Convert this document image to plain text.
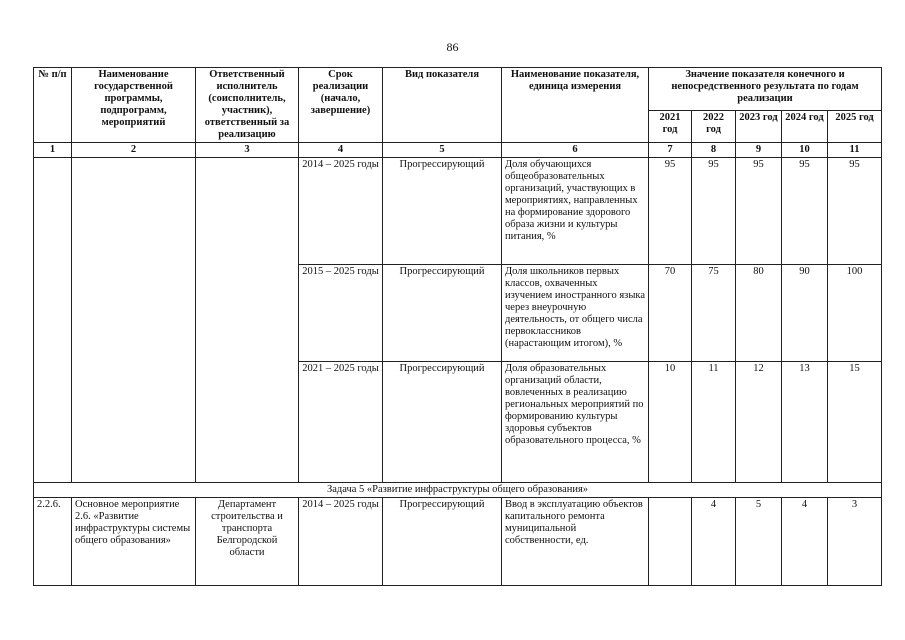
86
№ п/п	Наименование государственной программы, подпрограмм, мероприятий	Ответственный исполнитель (соисполнитель, участник), ответственный за реализацию	Срок реализации (начало, завершение)	Вид показателя	Наименование показателя, единица измерения	Значение показателя конечного и непосредственного результата по годам реализации				
						2021 год	2022 год	2023 год	2024 год	2025 год
1	2	3	4	5	6	7	8	9	10	11
			2014 – 2025 годы	Прогрессирующий	Доля обучающихся общеобразовательных организаций, участвующих в мероприятиях, направленных на формирование здорового образа жизни и культуры питания, %	95	95	95	95	95
			2015 – 2025 годы	Прогрессирующий	Доля школьников первых классов, охваченных изучением иностранного языка через внеурочную деятельность, от общего числа первоклассников (нарастающим итогом), %	70	75	80	90	100
			2021 – 2025 годы	Прогрессирующий	Доля образовательных организаций области, вовлеченных в реализацию региональных мероприятий по формированию культуры здоровья субъектов образовательного процесса, %	10	11	12	13	15
Задача 5 «Развитие инфраструктуры общего образования»										
2.2.6.	Основное мероприятие 2.6. «Развитие инфраструктуры системы общего образования»	Департамент строительства и транспорта Белгородской области	2014 – 2025 годы	Прогрессирующий	Ввод в эксплуатацию объектов капитального ремонта муниципальной собственности, ед.		4	5	4	3
